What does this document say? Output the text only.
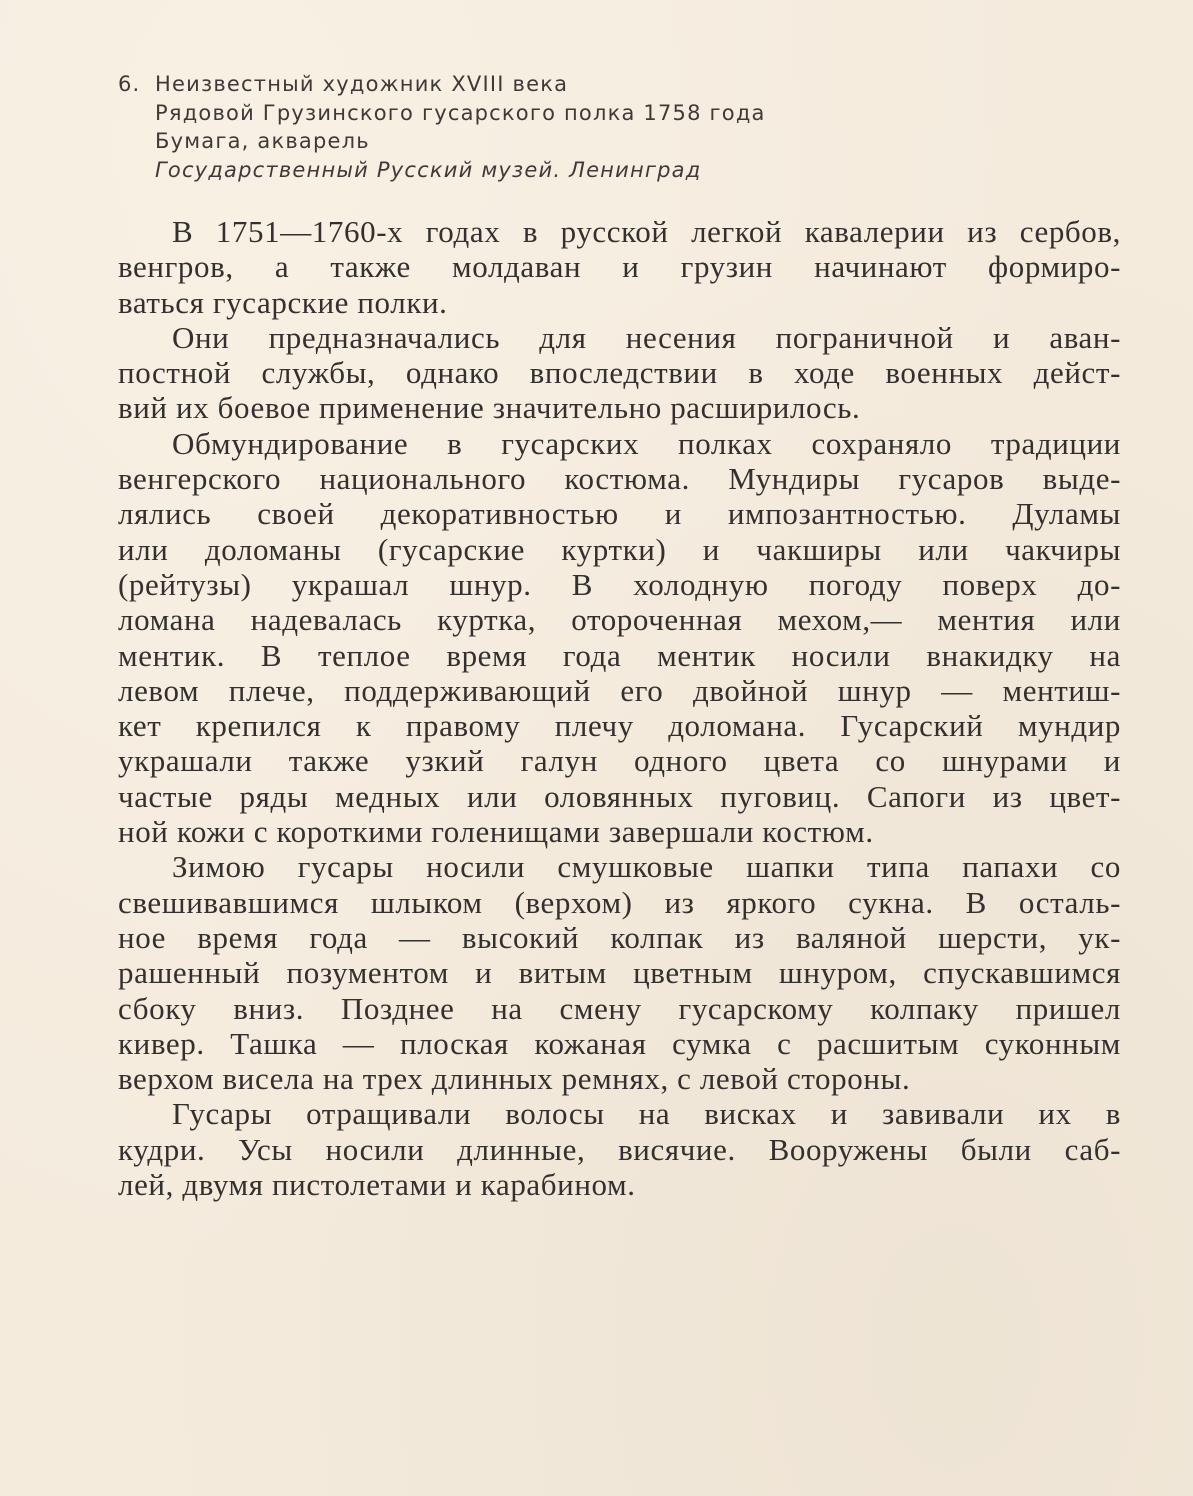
6. Неизвестный художник XVIII века
Рядовой Грузинского гусарского полка 1758 года
Бумага, акварель
Государственный Русский музей. Ленинград

В 1751—1760-х годах в русской легкой кавалерии из сербов,
венгров, а также молдаван и грузин начинают формиро-
ваться гусарские полки.

Они предназначались для несения пограничной и аван-
постной службы, однако впоследствии в ходе военных дейст-
вий их боевое применение значительно расширилось.

Обмундирование в гусарских полках сохраняло традиции
венгерского национального костюма. Мундиры гусаров выде-
лялись своей декоративностью и импозантностью. Дуламы
или доломаны (гусарские куртки) и чакширы или чакчиры
(рейтузы) украшал шнур. В холодную погоду поверх до-
ломана надевалась куртка, отороченная мехом,— ментия или
ментик. В теплое время года ментик носили внакидку на
левом плече, поддерживающий его двойной шнур — ментиш-
кет крепился к правому плечу доломана. Гусарский мундир
украшали также узкий галун одного цвета со шнурами и
частые ряды медных или оловянных пуговиц. Сапоги из цвет-
ной кожи с короткими голенищами завершали костюм.

Зимою гусары носили смушковые шапки типа папахи со
свешивавшимся шлыком (верхом) из яркого сукна. В осталь-
ное время года — высокий колпак из валяной шерсти, ук-
рашенный позументом и витым цветным шнуром, спускавшимся
сбоку вниз. Позднее на смену гусарскому колпаку пришел
кивер. Ташка — плоская кожаная сумка с расшитым суконным
верхом висела на трех длинных ремнях, с левой стороны.

Гусары отращивали волосы на висках и завивали их в
кудри. Усы носили длинные, висячие. Вооружены были саб-
лей, двумя пистолетами и карабином.
